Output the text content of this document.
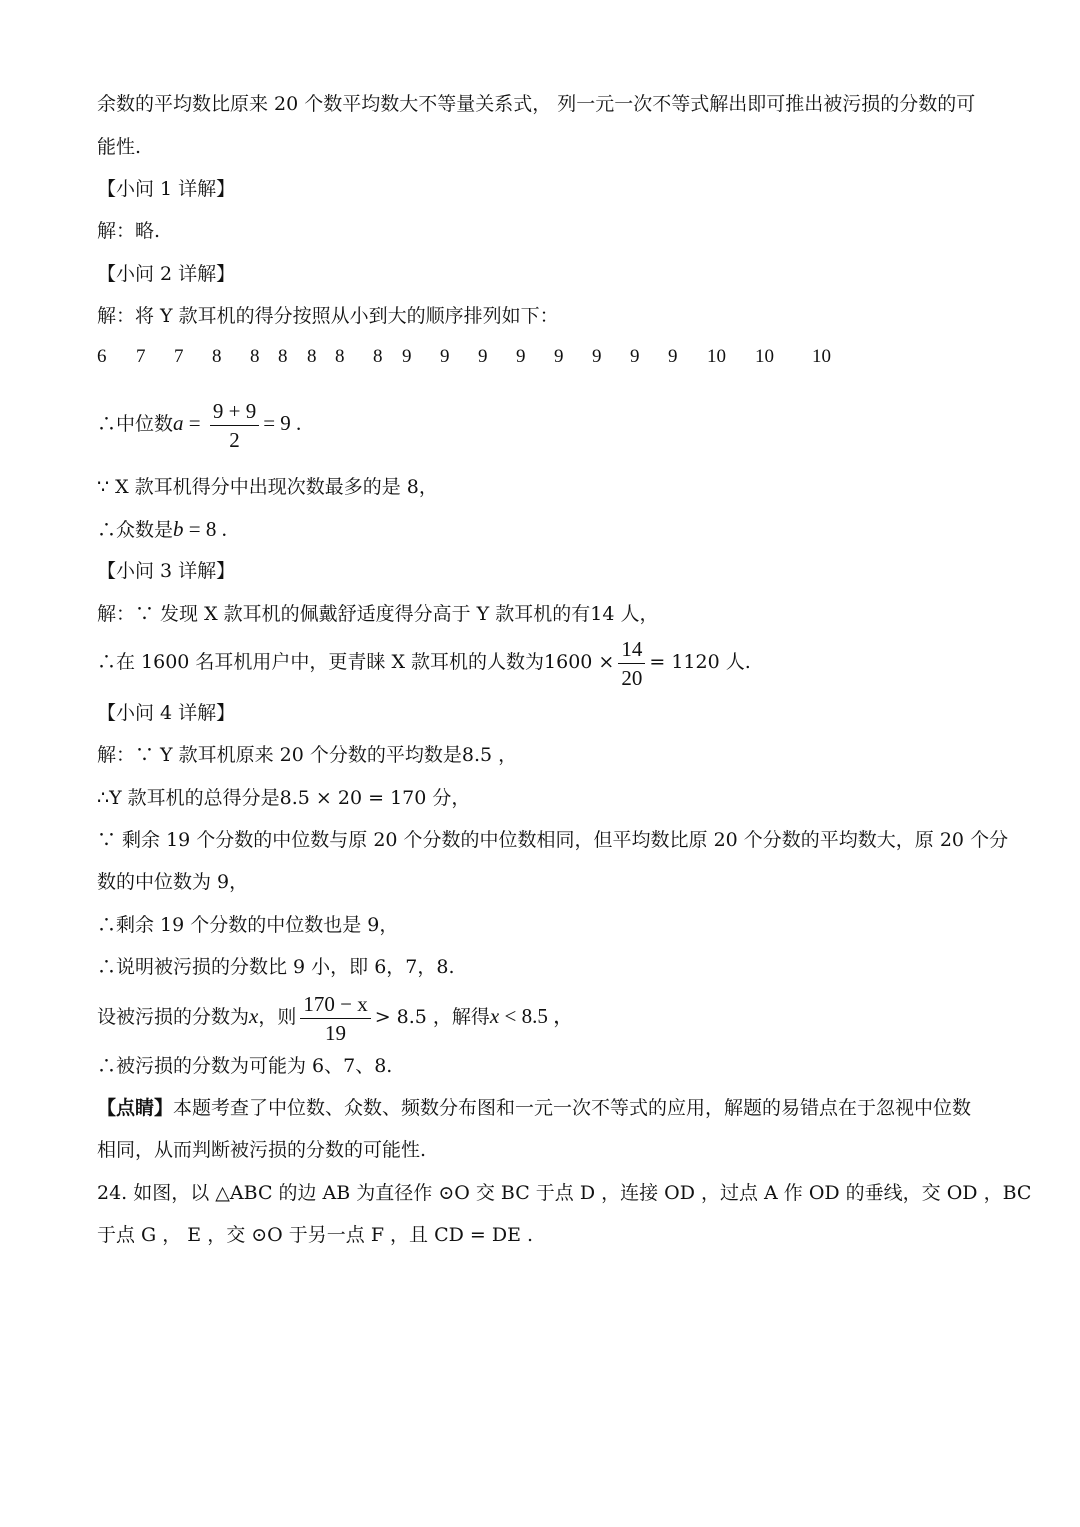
余数的平均数比原来 20 个数平均数大不等量关系式， 列一元一次不等式解出即可推出被污损的分数的可
能性.
【小问 1 详解】
解：略.
【小问 2 详解】
解：将 Y 款耳机的得分按照从小到大的顺序排列如下：
6 7 7 8 8 8 8 8 8 9 9 9 9 9 9 9 9 10 10 10
∴中位数$a = \frac{9 + 9}{2} = 9$ .
∵ X 款耳机得分中出现次数最多的是 8，
∴众数是b = 8 .
【小问 3 详解】
解：∵ 发现 X 款耳机的佩戴舒适度得分高于 Y 款耳机的有14 人，
∴在 1600 名耳机用户中，更青睐 X 款耳机的人数为$1600 \times \frac{14}{20} = 1120$ 人.
【小问 4 详解】
解：∵ Y 款耳机原来 20 个分数的平均数是8.5 ，
∴Y 款耳机的总得分是8.5 × 20 = 170 分，
∵ 剩余 19 个分数的中位数与原 20 个分数的中位数相同，但平均数比原 20 个分数的平均数大，原 20 个分
数的中位数为 9，
∴剩余 19 个分数的中位数也是 9，
∴说明被污损的分数比 9 小，即 6，7，8.
设被污损的分数为x，则 $\frac{170 - x}{19} > 8.5$ ，解得x < 8.5 ，
∴被污损的分数为可能为 6、7、8.
【点睛】本题考查了中位数、众数、频数分布图和一元一次不等式的应用，解题的易错点在于忽视中位数
相同，从而判断被污损的分数的可能性.
24. 如图，以 △ABC 的边 AB 为直径作 ⊙O 交 BC 于点 D ，连接 OD ，过点 A 作 OD 的垂线，交 OD ，BC
于点 G ， E ，交 ⊙O 于另一点 F ，且 CD = DE .
